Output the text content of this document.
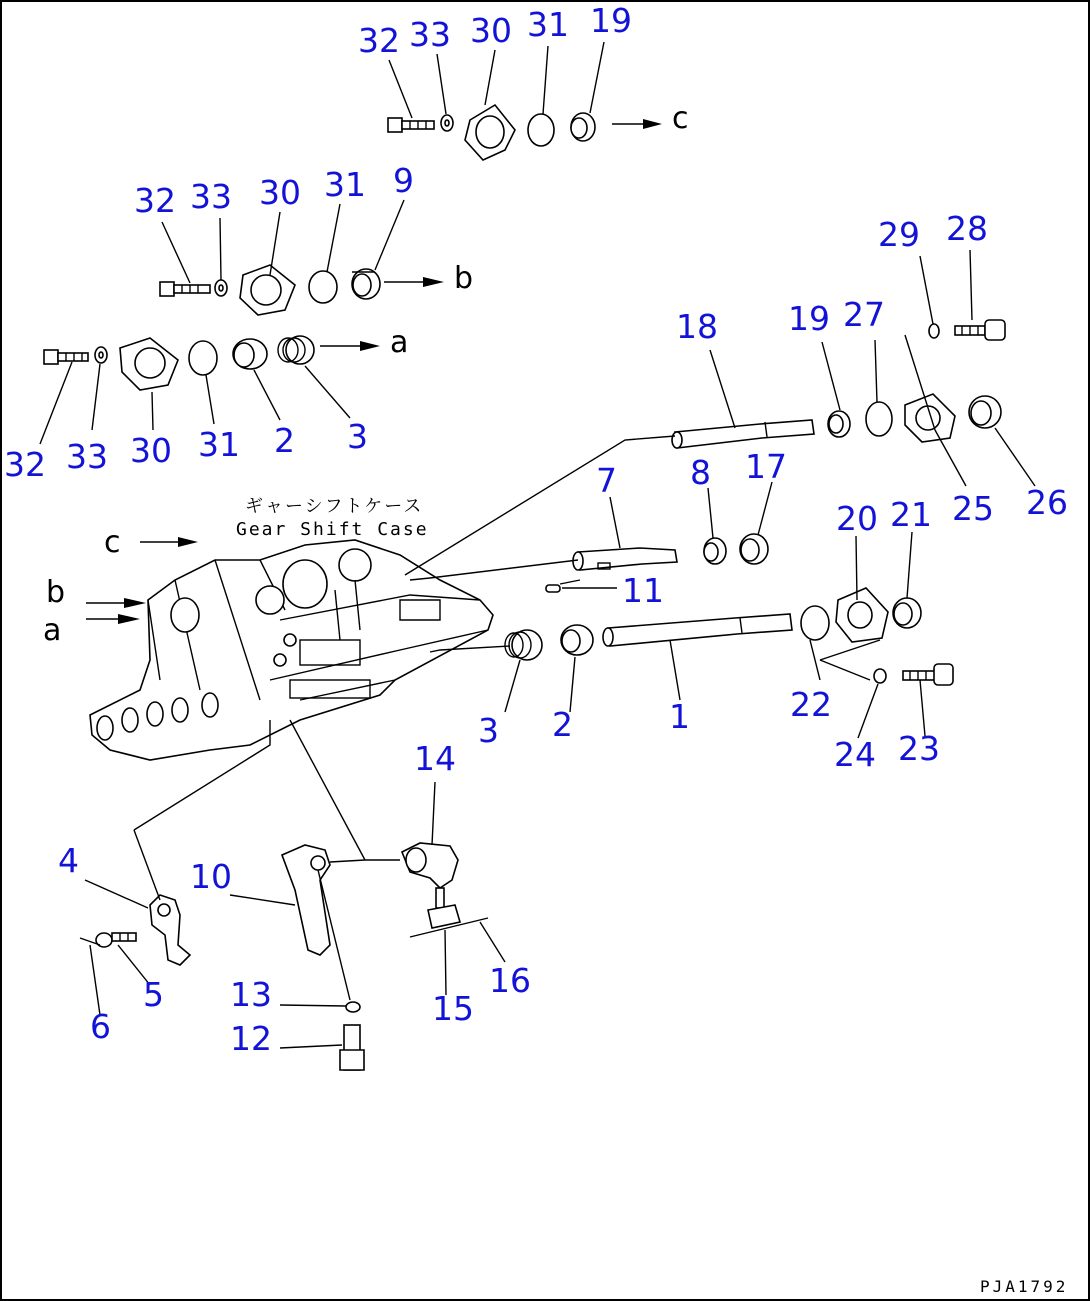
c
b
a
c
b
a
ギャーシフトケース
Gear Shift Case
PJA1792
32 33 30 31 19
32 33 30 31 9
32 33 30 31 2 3
18 19 27
29 28
25 26
7 8 17
11
20 21
22
24 23
3 2	1
14
4	10
5
6
13
12
15
16
